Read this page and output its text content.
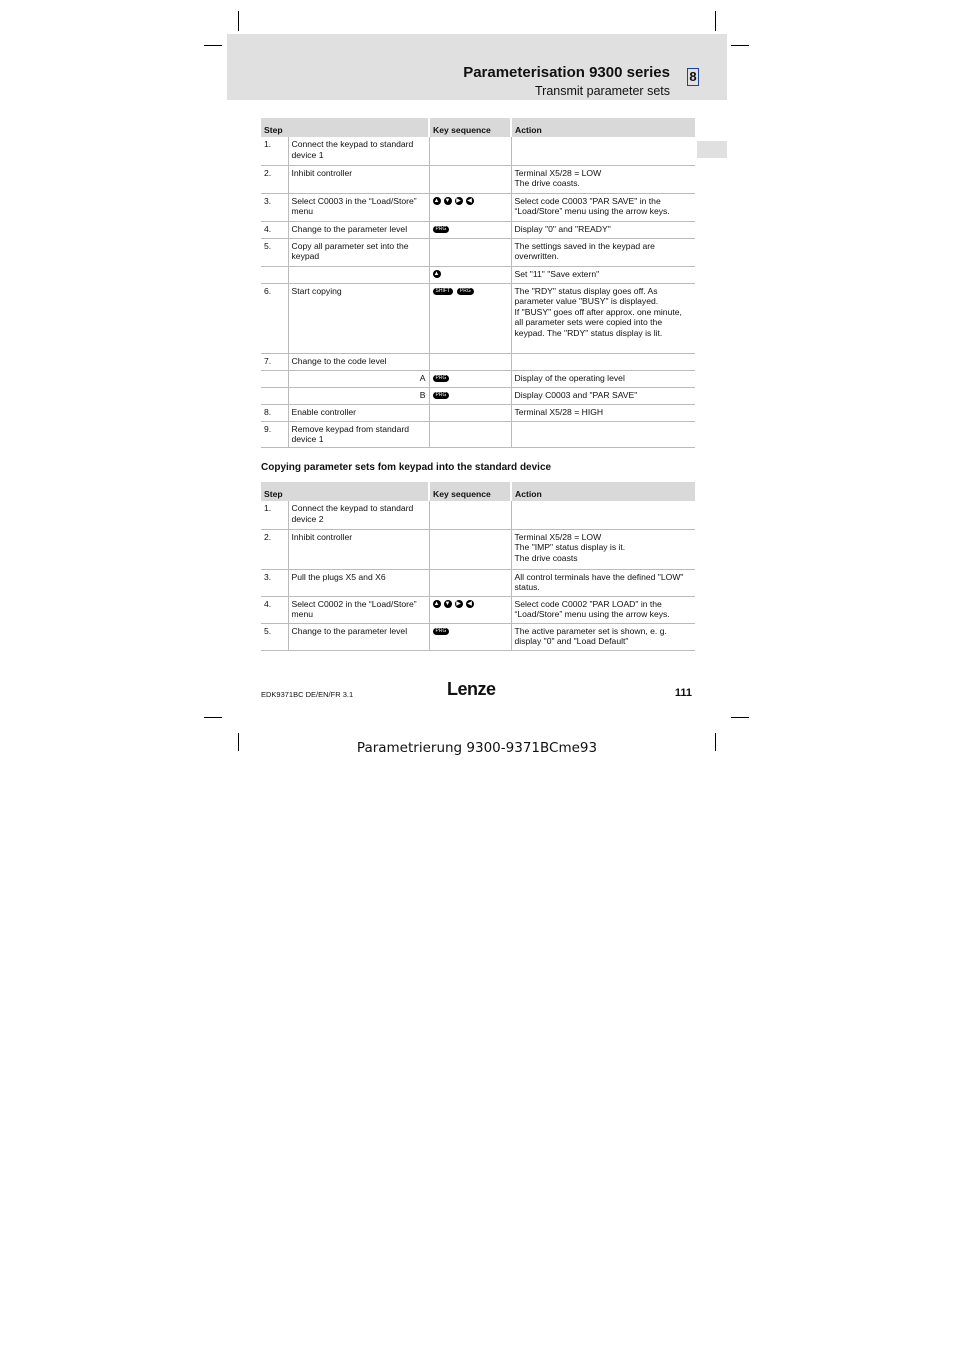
Parameterisation 9300 series
Transmit parameter sets
8
Step		Key sequence	Action
1.	Connect the keypad to standard device 1		
2.	Inhibit controller		Terminal X5/28 = LOW
The drive coasts.
3.	Select C0003 in the “Load/Store” menu	▲ ▼ ▶ ◀	Select code C0003 "PAR SAVE" in the “Load/Store” menu using the arrow keys.
4.	Change to the parameter level	PRG	Display "0" and "READY"
5.	Copy all parameter set into the keypad		The settings saved in the keypad are overwritten.
		▲	Set "11" "Save extern"
6.	Start copying	SHIFT PRG	The "RDY" status display goes off. As parameter value "BUSY" is displayed.
If "BUSY" goes off after approx. one minute, all parameter sets were copied into the keypad. The "RDY" status display is lit.
7.	Change to the code level		
	A	PRG	Display of the operating level
	B	PRG	Display C0003 and "PAR SAVE"
8.	Enable controller		Terminal X5/28 = HIGH
9.	Remove keypad from standard device 1		
Copying parameter sets fom keypad into the standard device
Step		Key sequence	Action
1.	Connect the keypad to standard device 2		
2.	Inhibit controller		Terminal X5/28 = LOW
The "IMP" status display is it.
The drive coasts
3.	Pull the plugs X5 and X6		All control terminals have the defined "LOW" status.
4.	Select C0002 in the “Load/Store” menu	▲ ▼ ▶ ◀	Select code C0002 "PAR LOAD" in the “Load/Store” menu using the arrow keys.
5.	Change to the parameter level	PRG	The active parameter set is shown, e. g. display "0" and "Load Default"
EDK9371BC DE/EN/FR 3.1	Lenze	111
Parametrierung 9300-9371BCme93
